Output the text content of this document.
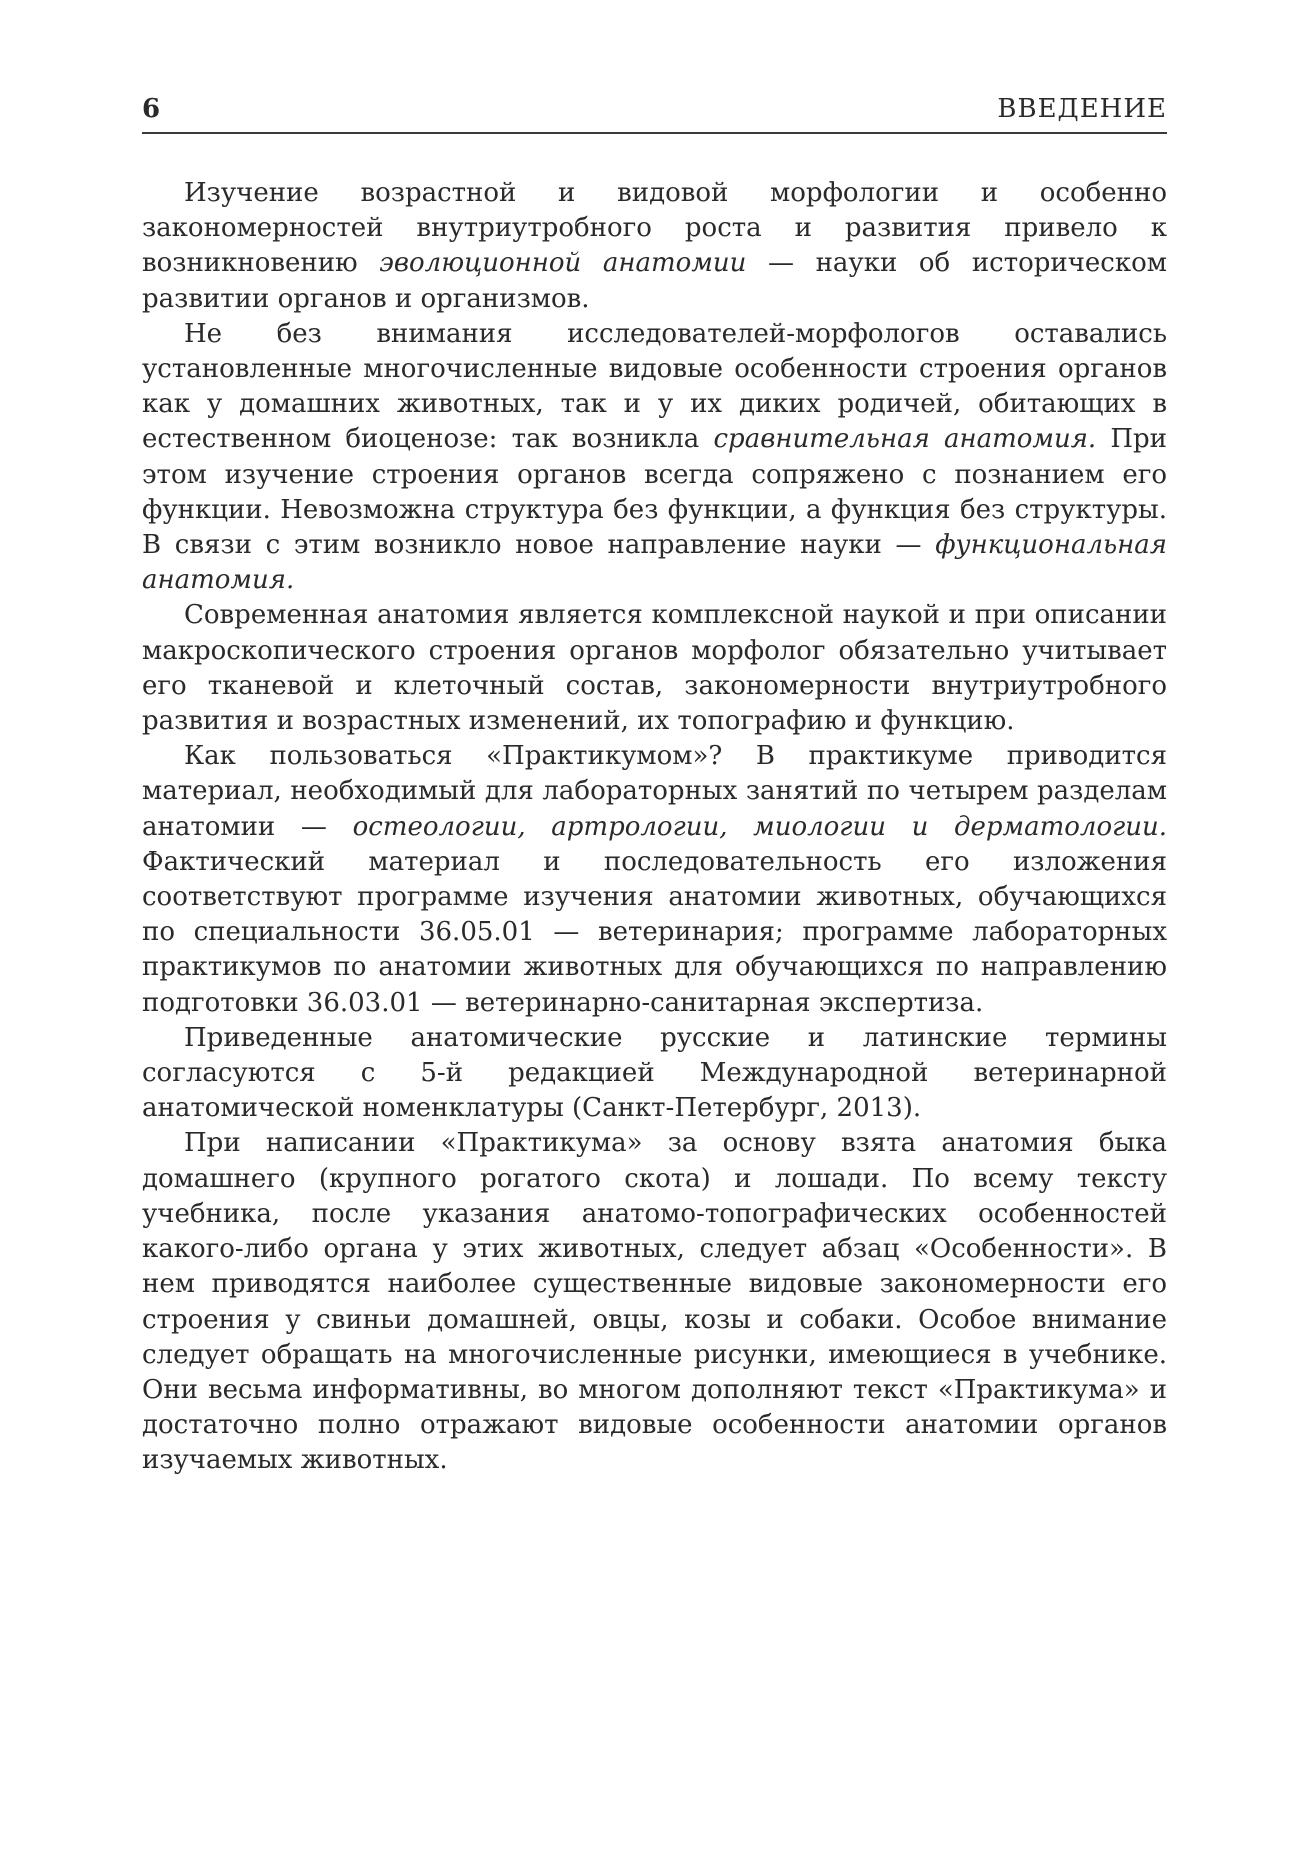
6	ВВЕДЕНИЕ

Изучение возрастной и видовой морфологии и особенно закономерностей внутриутробного роста и развития привело к возникновению эволюционной анатомии — науки об историческом развитии органов и организмов.

Не без внимания исследователей-морфологов оставались установленные многочисленные видовые особенности строения органов как у домашних животных, так и у их диких родичей, обитающих в естественном биоценозе: так возникла сравнительная анатомия. При этом изучение строения органов всегда сопряжено с познанием его функции. Невозможна структура без функции, а функция без структуры. В связи с этим возникло новое направление науки — функциональная анатомия.

Современная анатомия является комплексной наукой и при описании макроскопического строения органов морфолог обязательно учитывает его тканевой и клеточный состав, закономерности внутриутробного развития и возрастных изменений, их топографию и функцию.

Как пользоваться «Практикумом»? В практикуме приводится материал, необходимый для лабораторных занятий по четырем разделам анатомии — остеологии, артрологии, миологии и дерматологии. Фактический материал и последовательность его изложения соответствуют программе изучения анатомии животных, обучающихся по специальности 36.05.01 — ветеринария; программе лабораторных практикумов по анатомии животных для обучающихся по направлению подготовки 36.03.01 — ветеринарно-санитарная экспертиза.

Приведенные анатомические русские и латинские термины согласуются с 5-й редакцией Международной ветеринарной анатомической номенклатуры (Санкт-Петербург, 2013).

При написании «Практикума» за основу взята анатомия быка домашнего (крупного рогатого скота) и лошади. По всему тексту учебника, после указания анатомо-топографических особенностей какого-либо органа у этих животных, следует абзац «Особенности». В нем приводятся наиболее существенные видовые закономерности его строения у свиньи домашней, овцы, козы и собаки. Особое внимание следует обращать на многочисленные рисунки, имеющиеся в учебнике. Они весьма информативны, во многом дополняют текст «Практикума» и достаточно полно отражают видовые особенности анатомии органов изучаемых животных.
